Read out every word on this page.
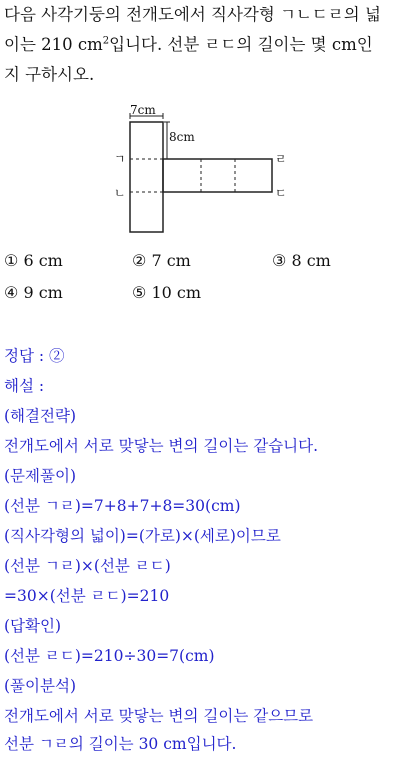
다음 사각기둥의 전개도에서 직사각형 ㄱㄴㄷㄹ의 넓
이는 210 $cm^2$입니다. 선분 ㄹㄷ의 길이는 몇 cm인
지 구하시오.
7cm
8cm
ㄱ
ㄴ
ㄹ
ㄷ
① 6 cm	② 7 cm	③ 8 cm
④ 9 cm	⑤ 10 cm
정답 : ②
해설 :
(해결전략)
전개도에서 서로 맞닿는 변의 길이는 같습니다.
(문제풀이)
(선분 ㄱㄹ)=7+8+7+8=30(cm)
(직사각형의 넓이)=(가로)×(세로)이므로
(선분 ㄱㄹ)×(선분 ㄹㄷ)
=30×(선분 ㄹㄷ)=210
(답확인)
(선분 ㄹㄷ)=210÷30=7(cm)
(풀이분석)
전개도에서 서로 맞닿는 변의 길이는 같으므로
선분 ㄱㄹ의 길이는 30 cm입니다.
